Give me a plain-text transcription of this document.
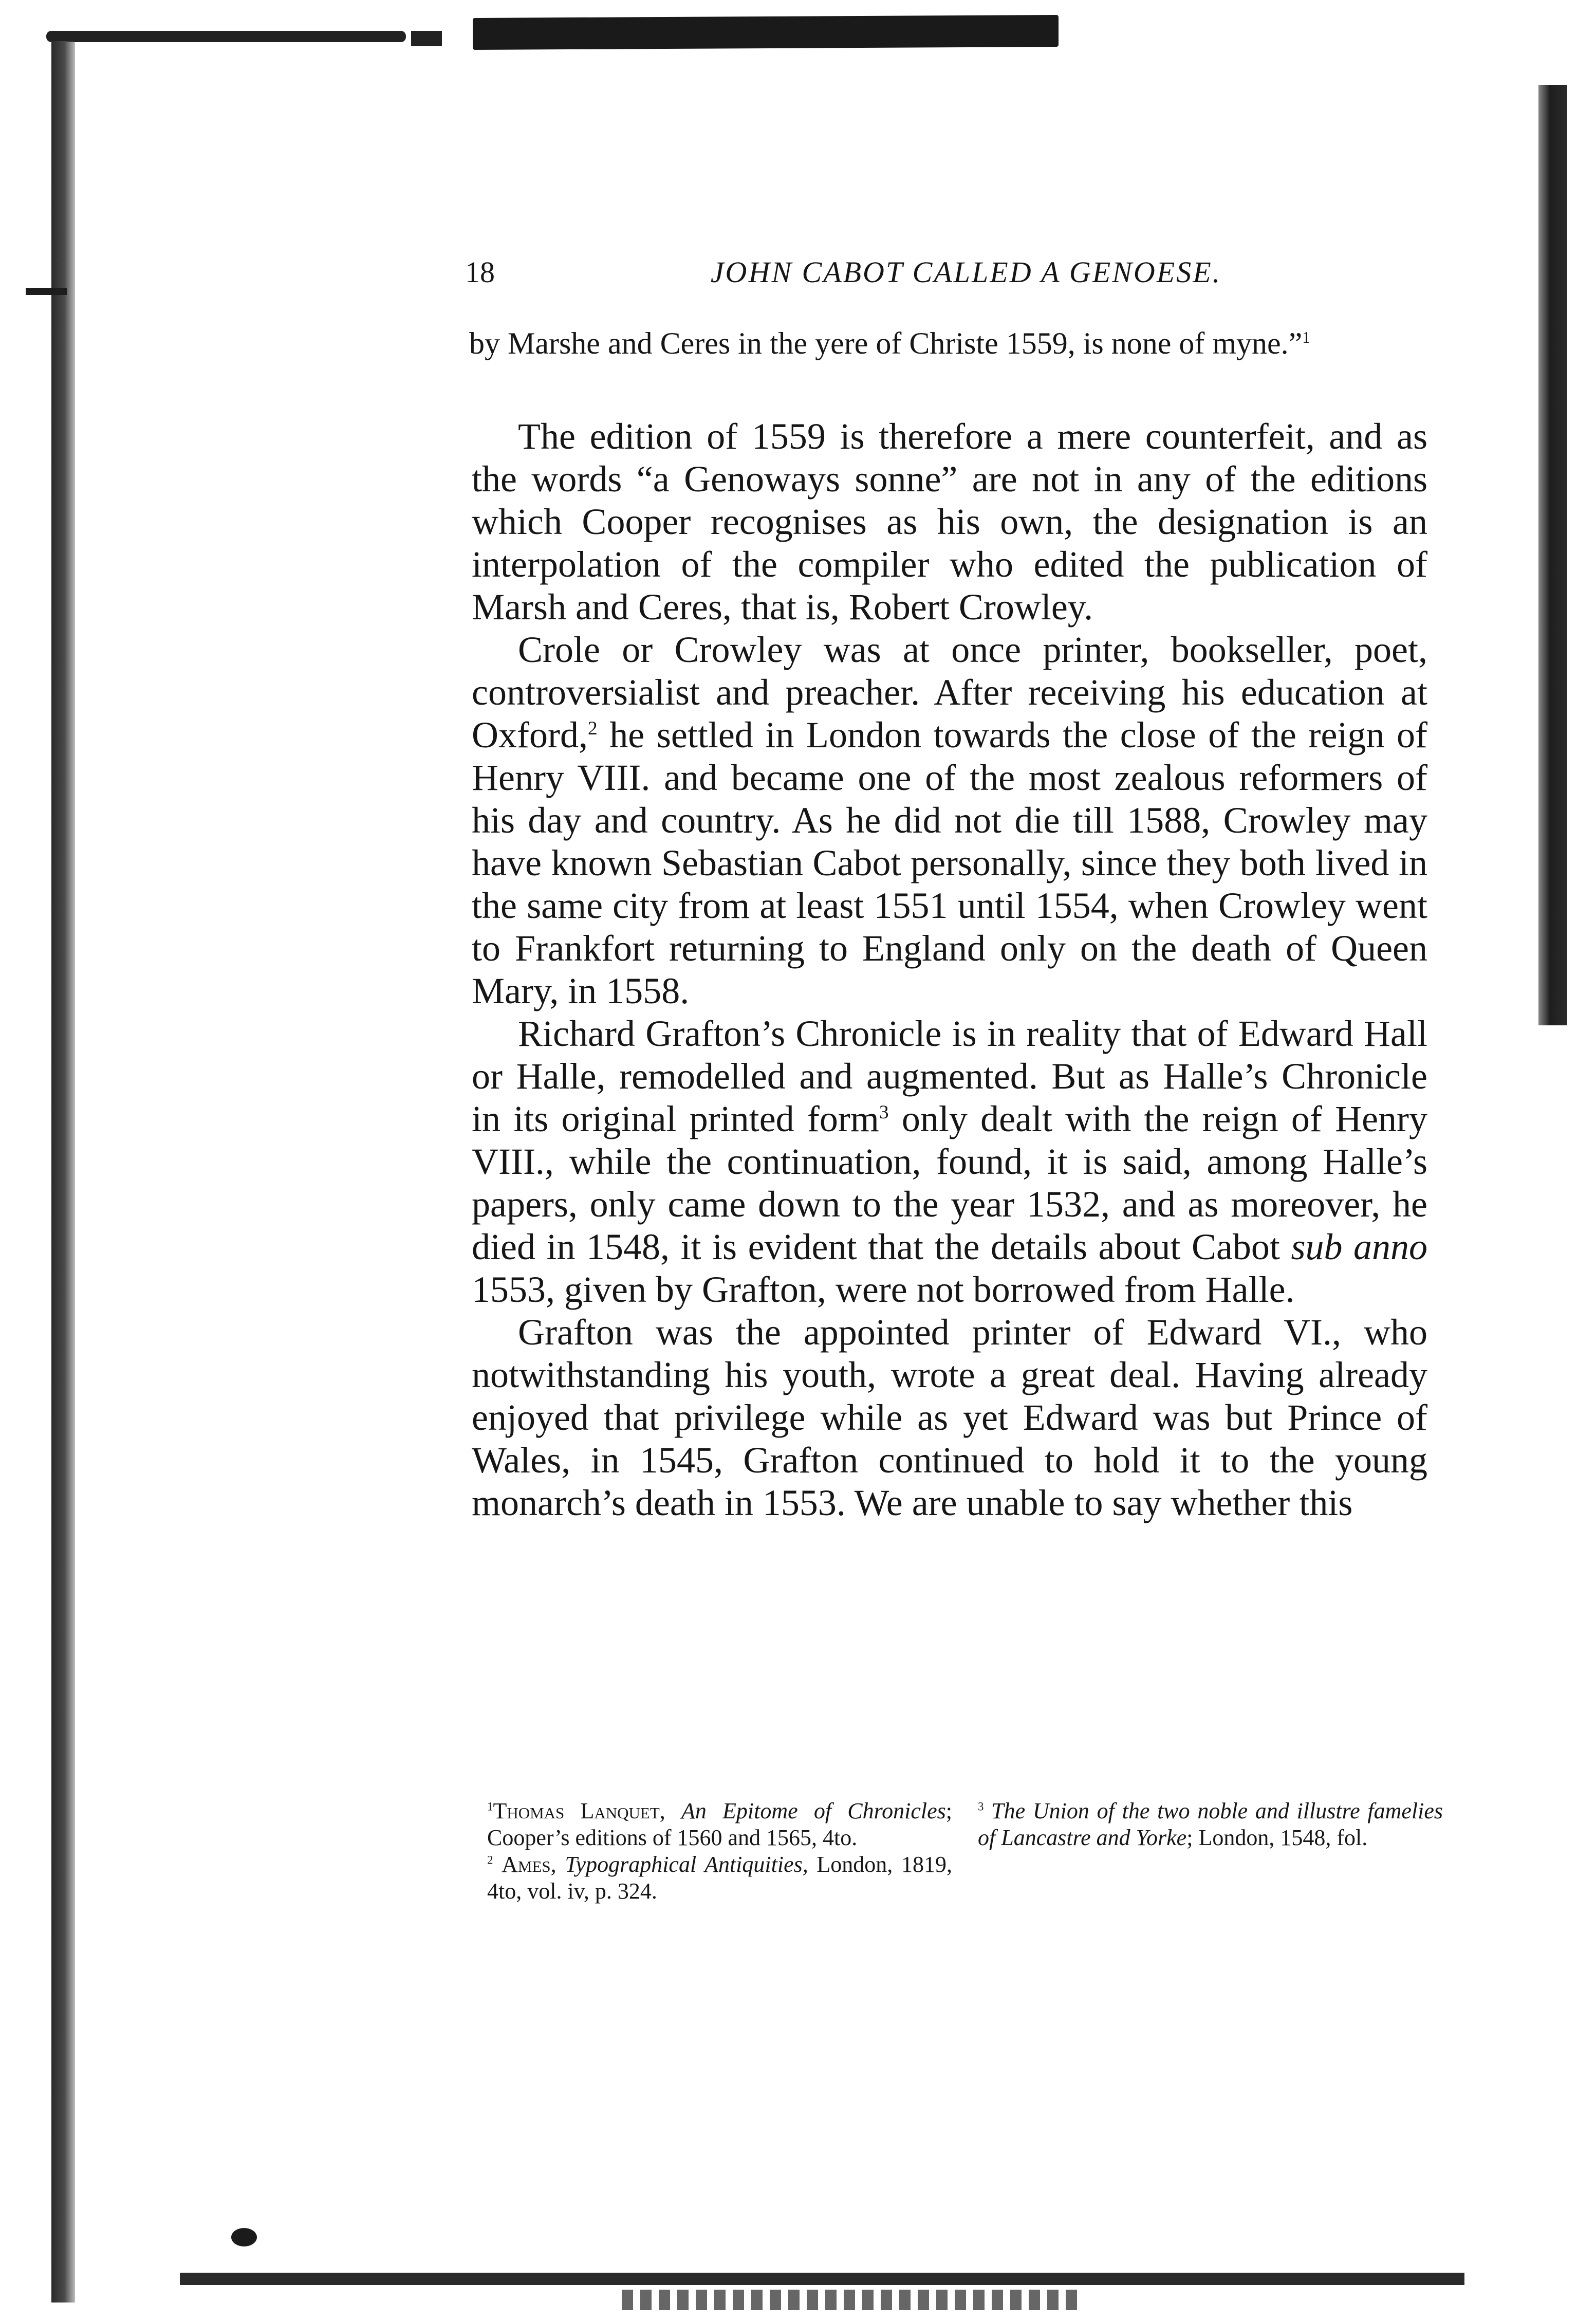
18	JOHN CABOT CALLED A GENOESE.

by Marshe and Ceres in the yere of Christe 1559, is none of myne.”$^1$

The edition of 1559 is therefore a mere counterfeit, and as the words “a Genoways sonne” are not in any of the editions which Cooper recognises as his own, the designation is an interpolation of the compiler who edited the publication of Marsh and Ceres, that is, Robert Crowley.

Crole or Crowley was at once printer, bookseller, poet, controversialist and preacher. After receiving his education at Oxford,$^2$ he settled in London towards the close of the reign of Henry VIII. and became one of the most zealous reformers of his day and country. As he did not die till 1588, Crowley may have known Sebastian Cabot personally, since they both lived in the same city from at least 1551 until 1554, when Crowley went to Frankfort returning to England only on the death of Queen Mary, in 1558.

Richard Grafton’s Chronicle is in reality that of Edward Hall or Halle, remodelled and augmented. But as Halle’s Chronicle in its original printed form$^3$ only dealt with the reign of Henry VIII., while the continuation, found, it is said, among Halle’s papers, only came down to the year 1532, and as moreover, he died in 1548, it is evident that the details about Cabot sub anno 1553, given by Grafton, were not borrowed from Halle.

Grafton was the appointed printer of Edward VI., who notwithstanding his youth, wrote a great deal. Having already enjoyed that privilege while as yet Edward was but Prince of Wales, in 1545, Grafton continued to hold it to the young monarch’s death in 1553. We are unable to say whether this

$^1$Thomas Lanquet, An Epitome of Chronicles; Cooper’s editions of 1560 and 1565, 4to.

$^2$ Ames, Typographical Antiquities, London, 1819, 4to, vol. iv, p. 324.

$^3$ The Union of the two noble and illustre famelies of Lancastre and Yorke; London, 1548, fol.
